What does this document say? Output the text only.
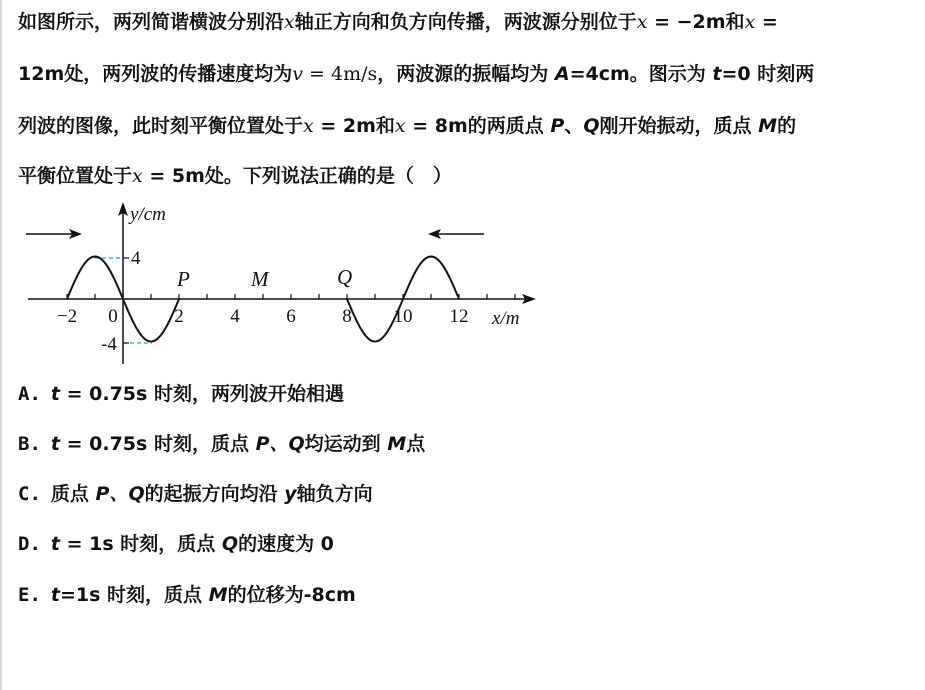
如图所示，两列简谐横波分别沿x轴正方向和负方向传播，两波源分别位于x = −2m和x =
12m处，两列波的传播速度均为v = 4m/s，两波源的振幅均为 A=4cm。图示为 t=0 时刻两
列波的图像，此时刻平衡位置处于x = 2m和x = 8m的两质点 P、Q刚开始振动，质点 M的
平衡位置处于x = 5m处。下列说法正确的是（　）
y/cm
x/m
4
-4
−2 0	2 4 6 8 10 12
P	M	Q
A. t = 0.75s 时刻，两列波开始相遇
B. t = 0.75s 时刻，质点 P、Q均运动到 M点
C. 质点 P、Q的起振方向均沿 y轴负方向
D. t = 1s 时刻，质点 Q的速度为 0
E. t=1s 时刻，质点 M的位移为-8cm
